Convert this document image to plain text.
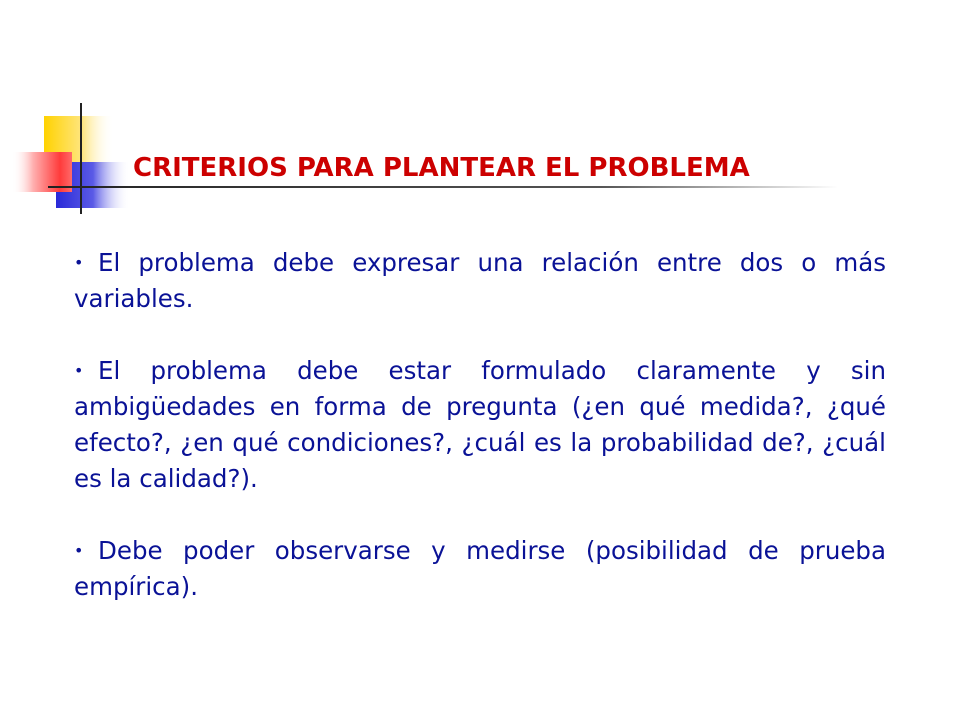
CRITERIOS PARA PLANTEAR EL PROBLEMA
• El problema debe expresar una relación entre dos o más variables.
• El problema debe estar formulado claramente y sin ambigüedades en forma de pregunta (¿en qué medida?, ¿qué efecto?, ¿en qué condiciones?, ¿cuál es la probabilidad de?, ¿cuál es la calidad?).
• Debe poder observarse y medirse (posibilidad de prueba empírica).
